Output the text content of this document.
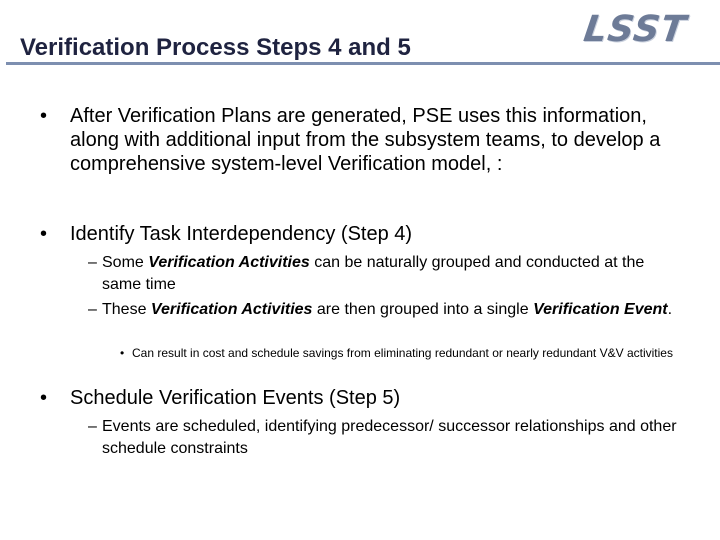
Verification Process Steps 4 and 5	LSST
•	After Verification Plans are generated, PSE uses this information, along with additional input from the subsystem teams, to develop a comprehensive system-level Verification model, :
•	Identify Task Interdependency (Step 4)
– Some Verification Activities can be naturally grouped and conducted at the same time
– These Verification Activities are then grouped into a single Verification Event.
• Can result in cost and schedule savings from eliminating redundant or nearly redundant V&V activities
•	Schedule Verification Events (Step 5)
– Events are scheduled, identifying predecessor/ successor relationships and other schedule constraints
